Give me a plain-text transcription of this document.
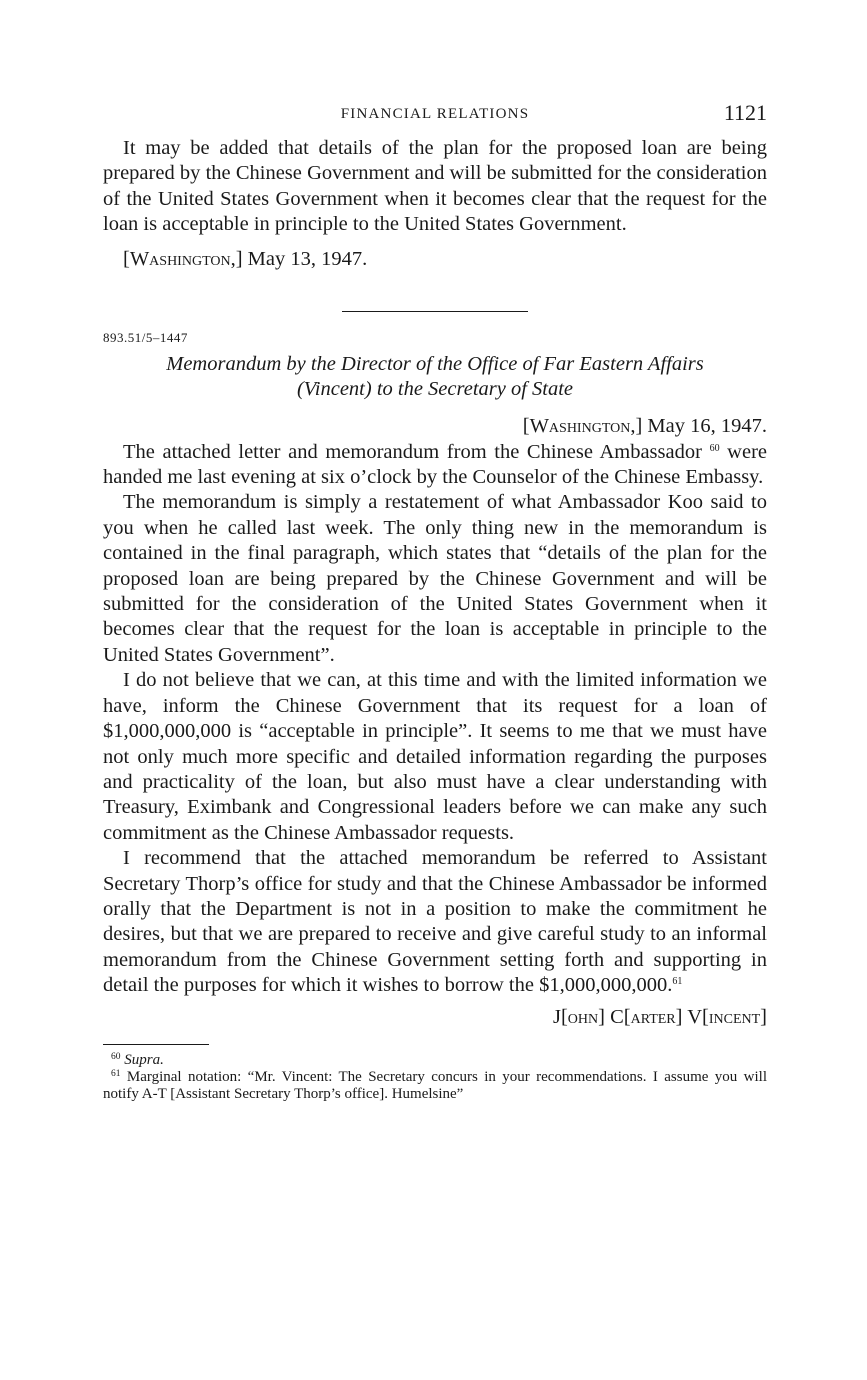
FINANCIAL RELATIONS	1121

It may be added that details of the plan for the proposed loan are being prepared by the Chinese Government and will be submitted for the consideration of the United States Government when it becomes clear that the request for the loan is acceptable in principle to the United States Government.

[Washington,] May 13, 1947.
893.51/5–1447
Memorandum by the Director of the Office of Far Eastern Affairs
(Vincent) to the Secretary of State
[Washington,] May 16, 1947.

The attached letter and memorandum from the Chinese Ambassador $^{60}$ were handed me last evening at six o’clock by the Counselor of the Chinese Embassy.

The memorandum is simply a restatement of what Ambassador Koo said to you when he called last week. The only thing new in the memorandum is contained in the final paragraph, which states that “details of the plan for the proposed loan are being prepared by the Chinese Government and will be submitted for the consideration of the United States Government when it becomes clear that the request for the loan is acceptable in principle to the United States Government”.

I do not believe that we can, at this time and with the limited information we have, inform the Chinese Government that its request for a loan of $1,000,000,000 is “acceptable in principle”. It seems to me that we must have not only much more specific and detailed information regarding the purposes and practicality of the loan, but also must have a clear understanding with Treasury, Eximbank and Congressional leaders before we can make any such commitment as the Chinese Ambassador requests.

I recommend that the attached memorandum be referred to Assistant Secretary Thorp’s office for study and that the Chinese Ambassador be informed orally that the Department is not in a position to make the commitment he desires, but that we are prepared to receive and give careful study to an informal memorandum from the Chinese Government setting forth and supporting in detail the purposes for which it wishes to borrow the $1,000,000,000.61

J[ohn] C[arter] V[incent]
$^{60}$ Supra.
$^{61}$ Marginal notation: “Mr. Vincent: The Secretary concurs in your recommendations. I assume you will notify A-T [Assistant Secretary Thorp’s office]. Humelsine”
